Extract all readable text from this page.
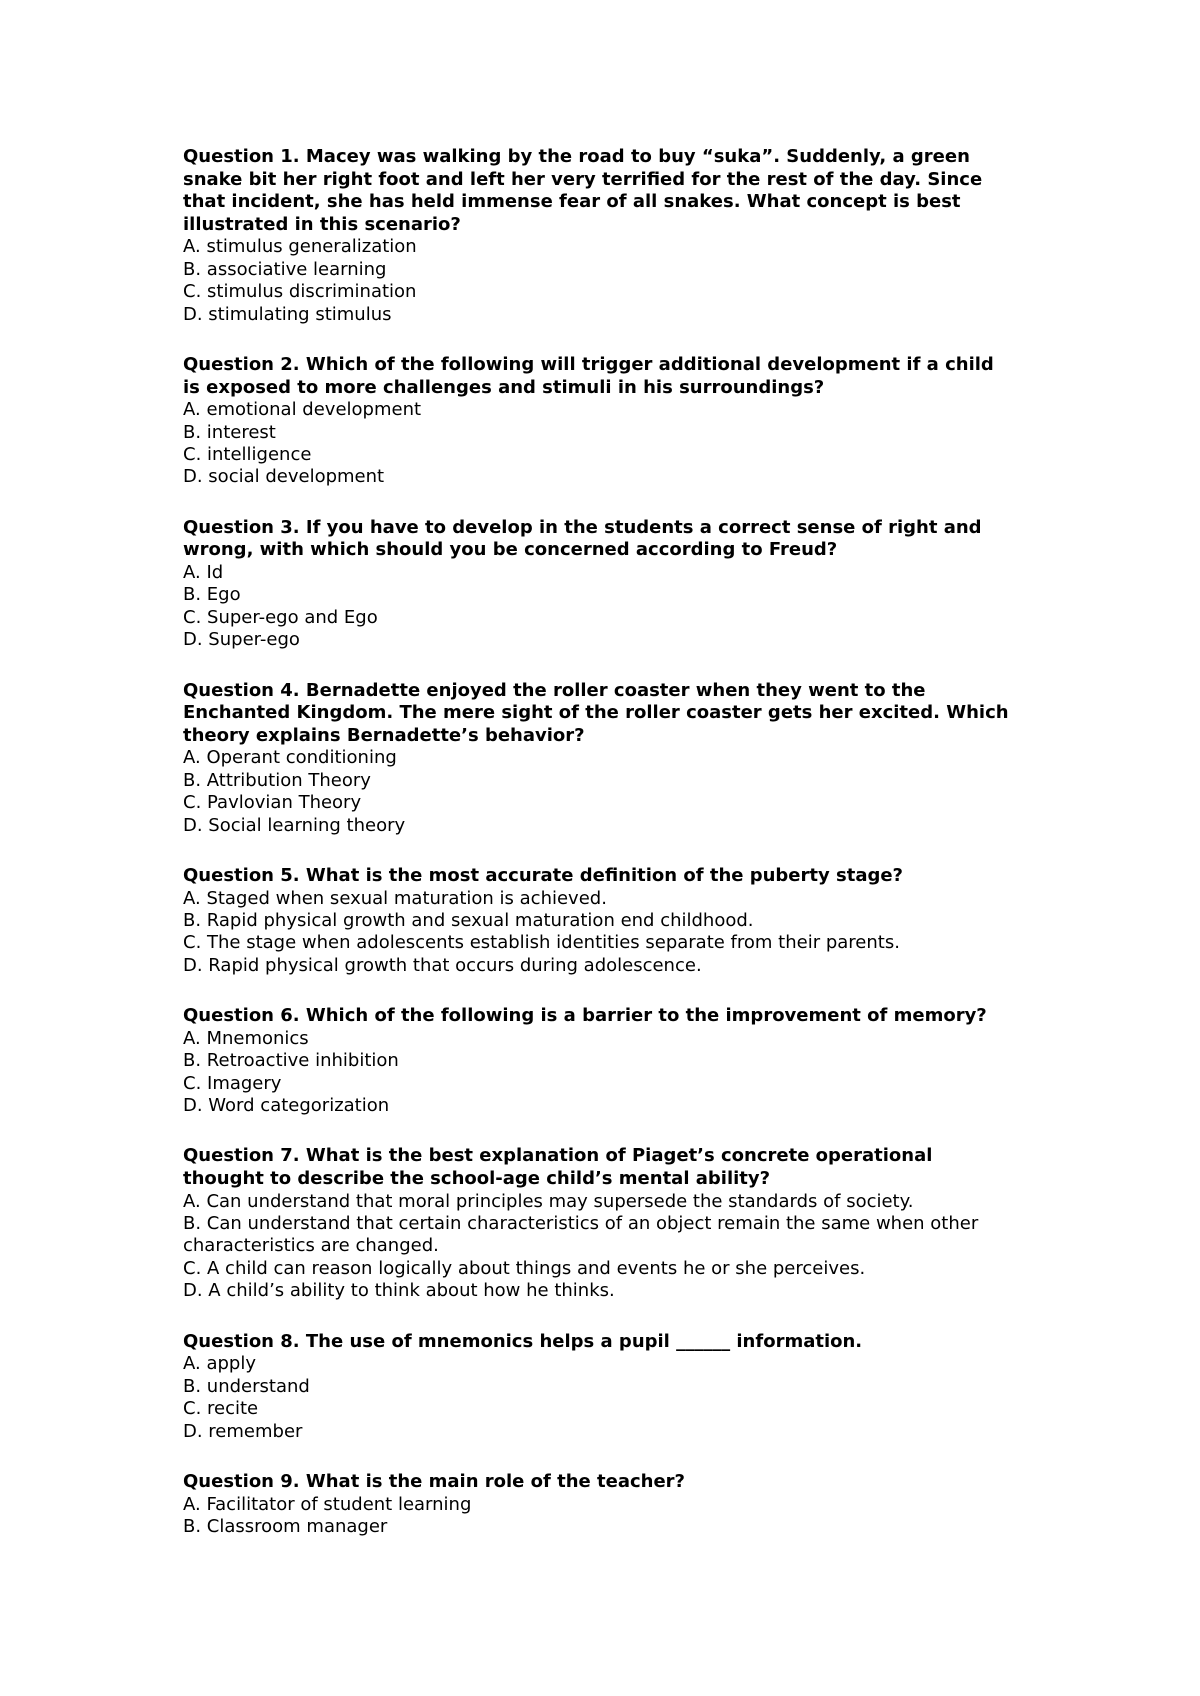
Question 1. Macey was walking by the road to buy “suka”. Suddenly, a green snake bit her right foot and left her very terrified for the rest of the day. Since that incident, she has held immense fear of all snakes. What concept is best illustrated in this scenario?

A. stimulus generalization
B. associative learning
C. stimulus discrimination
D. stimulating stimulus

Question 2. Which of the following will trigger additional development if a child is exposed to more challenges and stimuli in his surroundings?

A. emotional development
B. interest
C. intelligence
D. social development

Question 3. If you have to develop in the students a correct sense of right and wrong, with which should you be concerned according to Freud?

A. Id
B. Ego
C. Super-ego and Ego
D. Super-ego

Question 4. Bernadette enjoyed the roller coaster when they went to the Enchanted Kingdom. The mere sight of the roller coaster gets her excited. Which theory explains Bernadette’s behavior?

A. Operant conditioning
B. Attribution Theory
C. Pavlovian Theory
D. Social learning theory

Question 5. What is the most accurate definition of the puberty stage?

A. Staged when sexual maturation is achieved.
B. Rapid physical growth and sexual maturation end childhood.
C. The stage when adolescents establish identities separate from their parents.
D. Rapid physical growth that occurs during adolescence.

Question 6. Which of the following is a barrier to the improvement of memory?

A. Mnemonics
B. Retroactive inhibition
C. Imagery
D. Word categorization

Question 7. What is the best explanation of Piaget’s concrete operational thought to describe the school-age child’s mental ability?

A. Can understand that moral principles may supersede the standards of society.
B. Can understand that certain characteristics of an object remain the same when other characteristics are changed.
C. A child can reason logically about things and events he or she perceives.
D. A child’s ability to think about how he thinks.

Question 8. The use of mnemonics helps a pupil ______ information.

A. apply
B. understand
C. recite
D. remember

Question 9. What is the main role of the teacher?

A. Facilitator of student learning
B. Classroom manager
